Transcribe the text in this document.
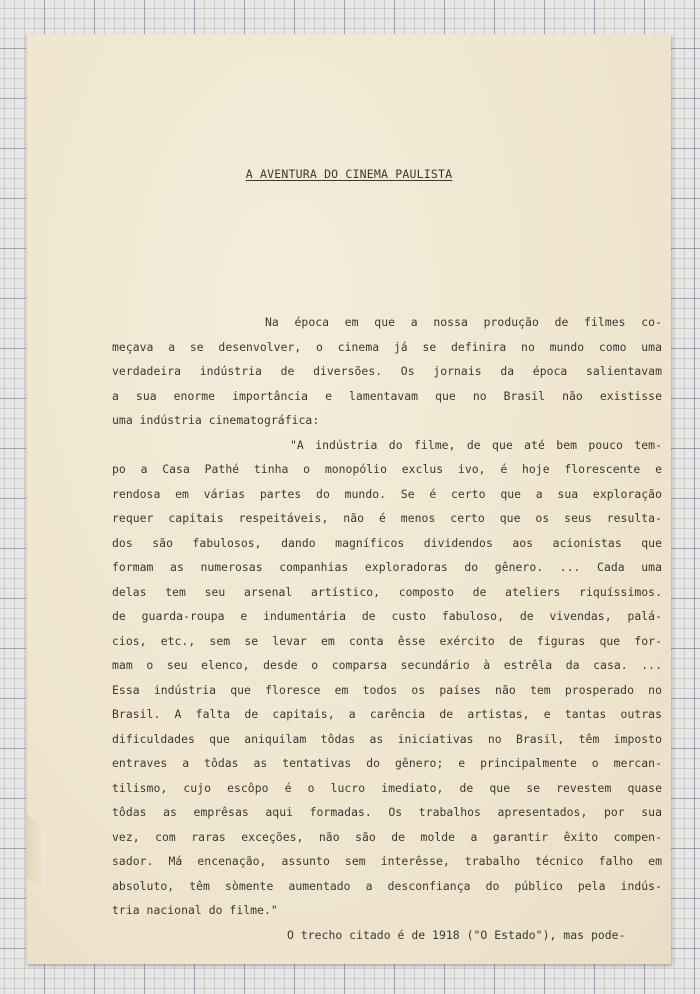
A AVENTURA DO CINEMA PAULISTA
Na época em que a nossa produção de filmes co-
meçava a se desenvolver, o cinema já se definira no mundo como uma
verdadeira indústria de diversões. Os jornais da época salientavam
a sua enorme importância e lamentavam que no Brasil não existisse
uma indústria cinematográfica:
"A indústria do filme, de que até bem pouco tem-
po a Casa Pathé tinha o monopólio exclus ivo, é hoje florescente e
rendosa em várias partes do mundo. Se é certo que a sua exploração
requer capitais respeitáveis, não é menos certo que os seus resulta-
dos são fabulosos, dando magníficos dividendos aos acionistas que
formam as numerosas companhias exploradoras do gênero. ... Cada uma
delas tem seu arsenal artístico, composto de ateliers riquíssimos.
de guarda-roupa e indumentária de custo fabuloso, de vivendas, palá-
cios, etc., sem se levar em conta êsse exército de figuras que for-
mam o seu elenco, desde o comparsa secundário à estrêla da casa. ...
Essa indústria que floresce em todos os países não tem prosperado no
Brasil. A falta de capitais, a carência de artistas, e tantas outras
dificuldades que aniquilam tôdas as iniciativas no Brasil, têm imposto
entraves a tôdas as tentativas do gênero; e principalmente o mercan-
tilismo, cujo escôpo é o lucro imediato, de que se revestem quase
tôdas as emprêsas aqui formadas. Os trabalhos apresentados, por sua
vez, com raras exceções, não são de molde a garantir êxito compen-
sador. Má encenação, assunto sem interêsse, trabalho técnico falho em
absoluto, têm sòmente aumentado a desconfiança do público pela indús-
tria nacional do filme."
O trecho citado é de 1918 ("O Estado"), mas pode-
